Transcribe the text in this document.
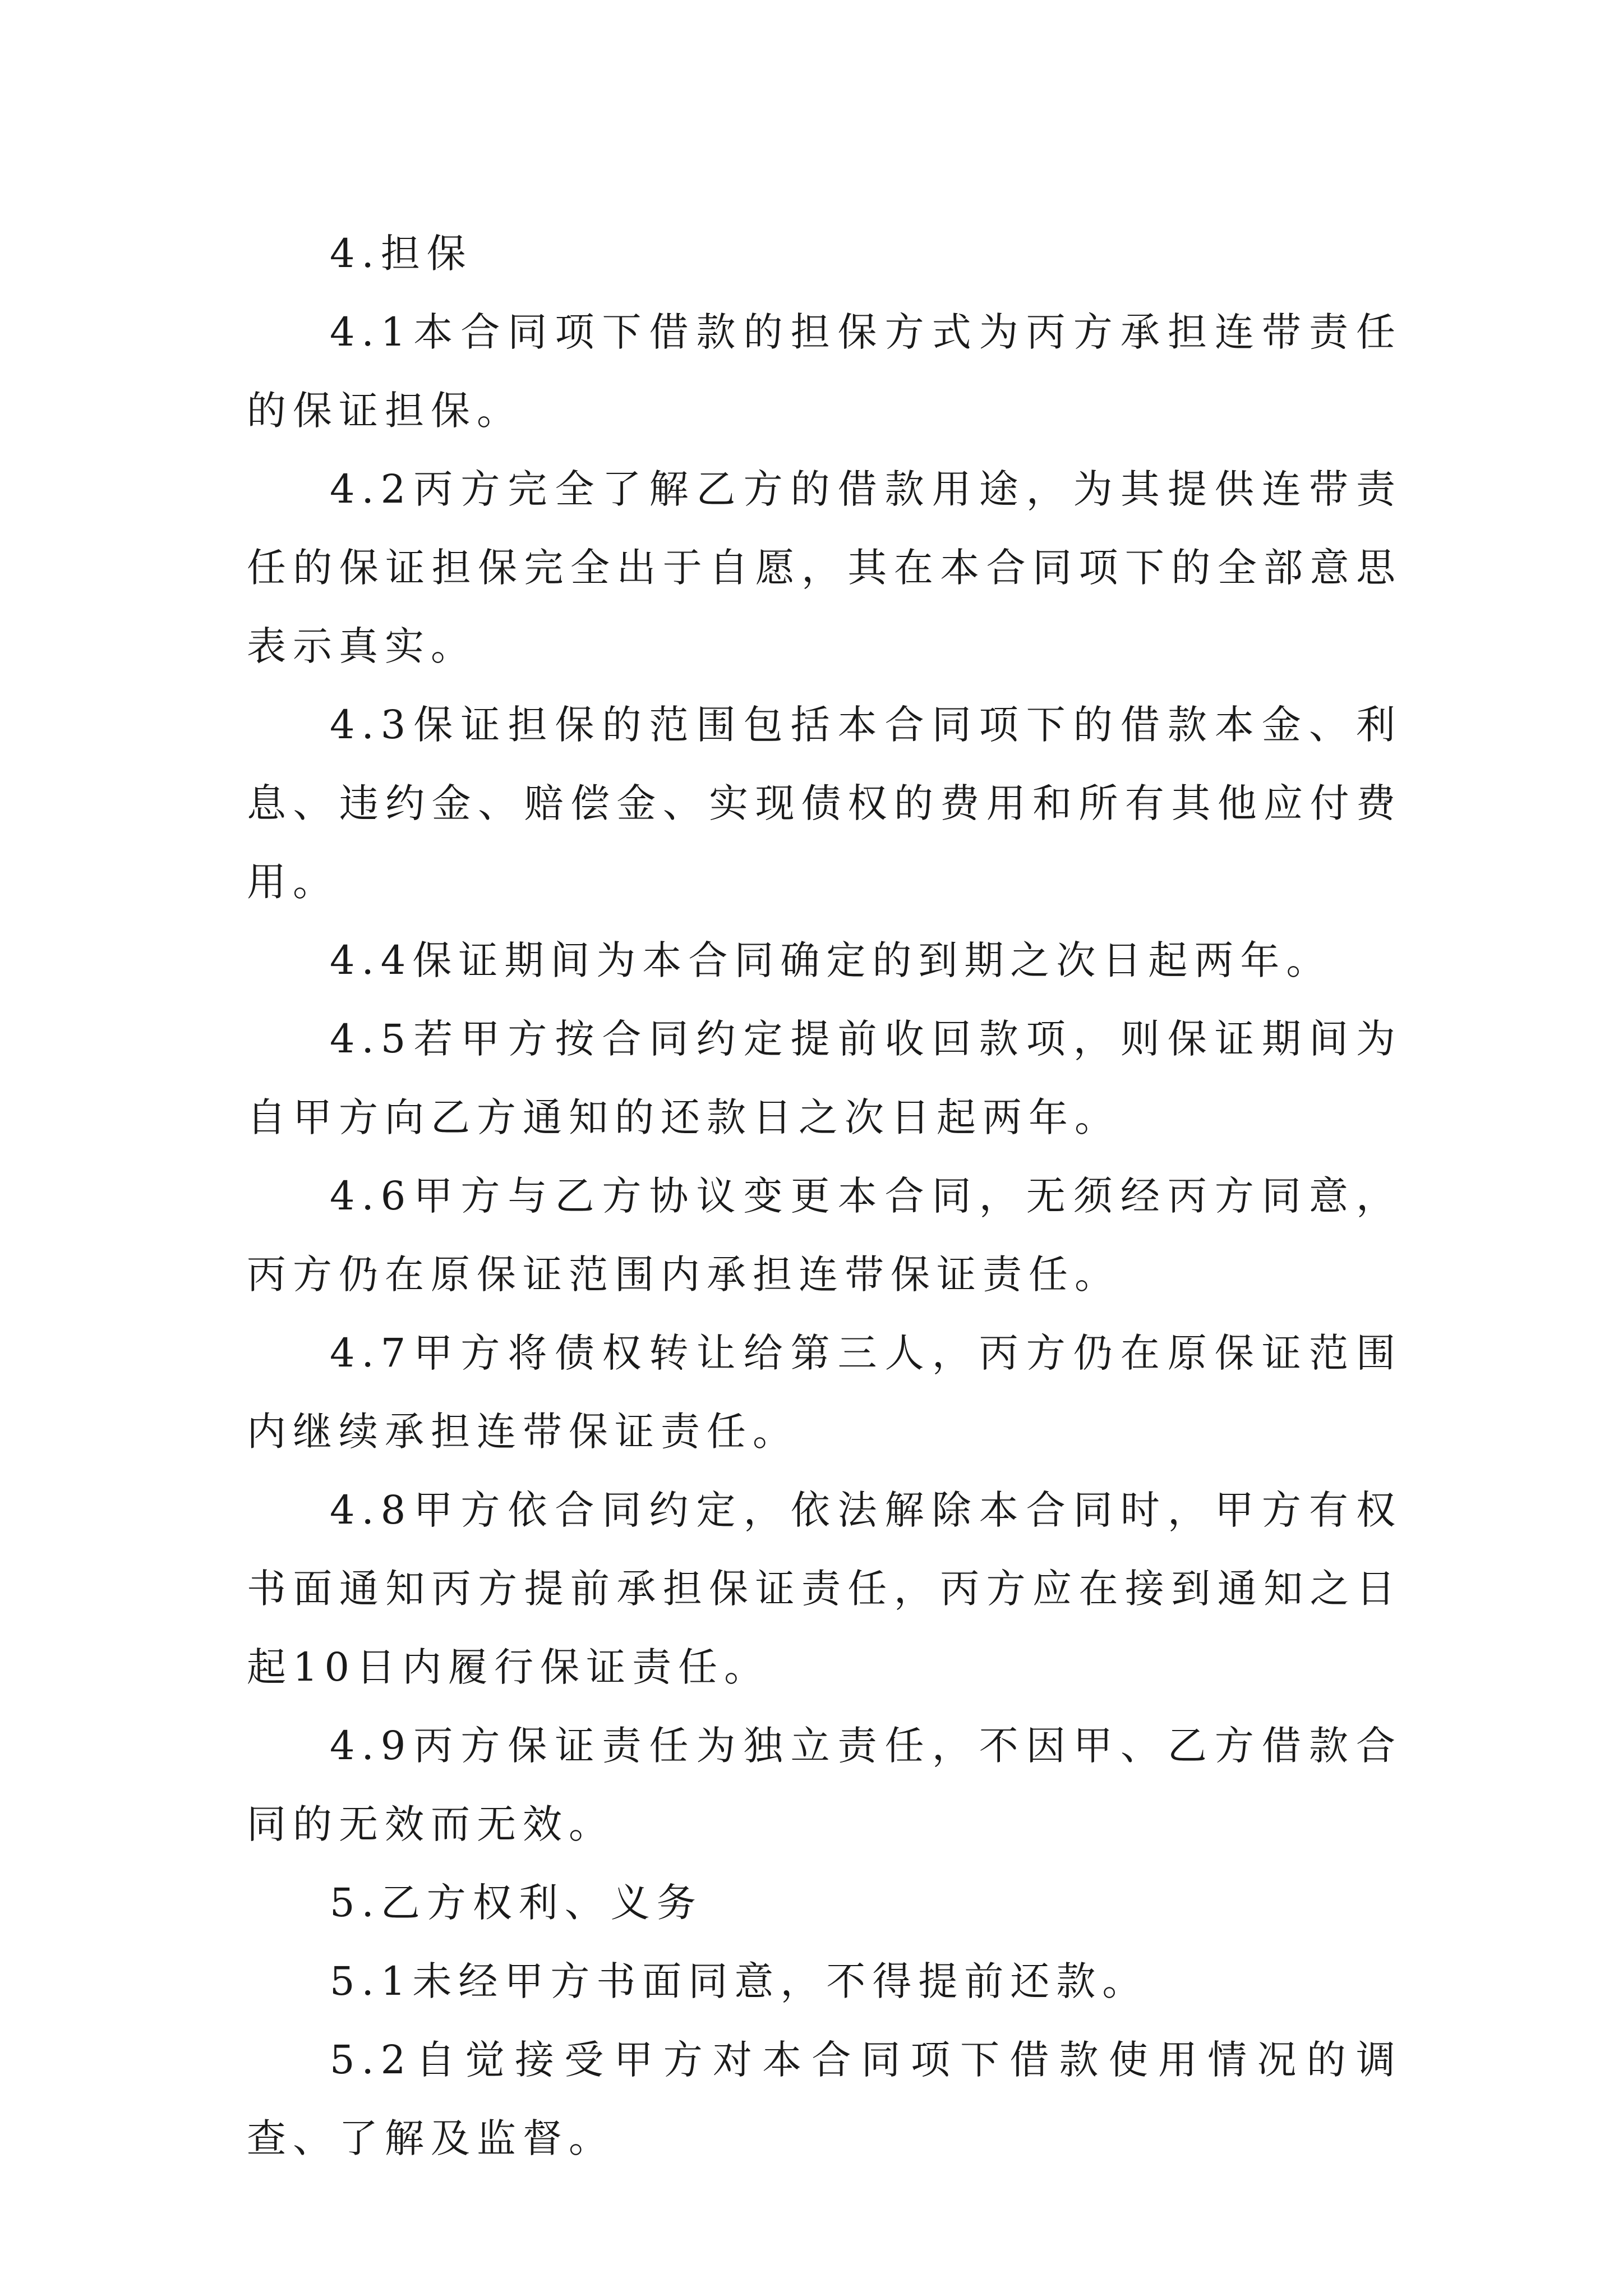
4.担保

4.1本合同项下借款的担保方式为丙方承担连带责任的保证担保。

4.2丙方完全了解乙方的借款用途，为其提供连带责任的保证担保完全出于自愿，其在本合同项下的全部意思表示真实。

4.3保证担保的范围包括本合同项下的借款本金、利息、违约金、赔偿金、实现债权的费用和所有其他应付费用。

4.4保证期间为本合同确定的到期之次日起两年。

4.5若甲方按合同约定提前收回款项，则保证期间为自甲方向乙方通知的还款日之次日起两年。

4.6甲方与乙方协议变更本合同，无须经丙方同意，丙方仍在原保证范围内承担连带保证责任。

4.7甲方将债权转让给第三人，丙方仍在原保证范围内继续承担连带保证责任。

4.8甲方依合同约定，依法解除本合同时，甲方有权书面通知丙方提前承担保证责任，丙方应在接到通知之日起10日内履行保证责任。

4.9丙方保证责任为独立责任，不因甲、乙方借款合同的无效而无效。

5.乙方权利、义务

5.1未经甲方书面同意，不得提前还款。

5.2自觉接受甲方对本合同项下借款使用情况的调查、了解及监督。
